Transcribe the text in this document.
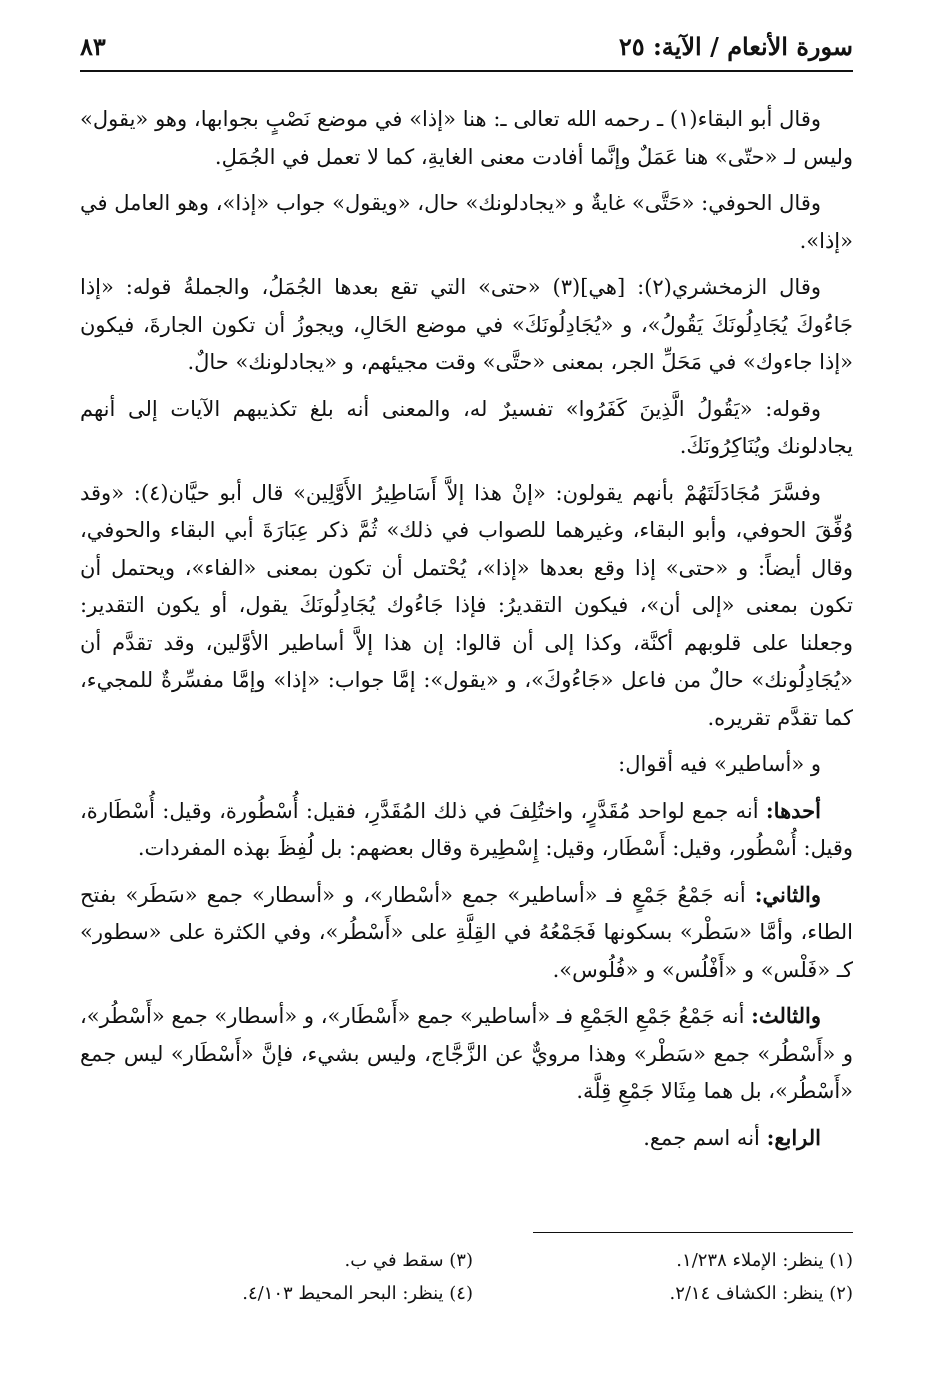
سورة الأنعام / الآية: ٢٥
٨٣

وقال أبو البقاء(١) ـ رحمه الله تعالى ـ: هنا «إذا» في موضع نَصْبٍ بجوابها، وهو «يقول» وليس لـ «حتّى» هنا عَمَلٌ وإنَّما أفادت معنى الغايةِ، كما لا تعمل في الجُمَلِ.

وقال الحوفي: «حَتَّى» غايةٌ و «يجادلونك» حال، «ويقول» جواب «إذا»، وهو العامل في «إذا».

وقال الزمخشري(٢): [هي](٣) «حتى» التي تقع بعدها الجُمَلُ، والجملةُ قوله: «إذا جَاءُوكَ يُجَادِلُونَكَ يَقُولُ»، و «يُجَادِلُونَكَ» في موضع الحَالِ، ويجوزُ أن تكون الجارةَ، فيكون «إذا جاءوك» في مَحَلِّ الجر، بمعنى «حتَّى» وقت مجيئهم، و «يجادلونك» حالٌ.

وقوله: «يَقُولُ الَّذِينَ كَفَرُوا» تفسيرٌ له، والمعنى أنه بلغ تكذيبهم الآيات إلى أنهم يجادلونك ويُنَاكِرُونَكَ.

وفسَّرَ مُجَادَلَتَهُمْ بأنهم يقولون: «إنْ هذا إلاَّ أَسَاطِيرُ الأَوَّلِين» قال أبو حيَّان(٤): «وقد وُفِّقَ الحوفي، وأبو البقاء، وغيرهما للصواب في ذلك» ثُمَّ ذكر عِبَارَةَ أبي البقاء والحوفي، وقال أيضاً: و «حتى» إذا وقع بعدها «إذا»، يُحْتمل أن تكون بمعنى «الفاء»، ويحتمل أن تكون بمعنى «إلى أن»، فيكون التقديرُ: فإذا جَاءُوك يُجَادِلُونَكَ يقول، أو يكون التقدير: وجعلنا على قلوبهم أكنَّة، وكذا إلى أن قالوا: إن هذا إلاَّ أساطير الأوَّلين، وقد تقدَّم أن «يُجَادِلُونك» حالٌ من فاعل «جَاءُوكَ»، و «يقول»: إمَّا جواب: «إذا» وإمَّا مفسِّرةٌ للمجيء، كما تقدَّم تقريره.

و «أساطير» فيه أقوال:

أحدها: أنه جمع لواحد مُقَدَّرٍ، واختُلِفَ في ذلك المُقَدَّرِ، فقيل: أُسْطُورة، وقيل: أُسْطَارة، وقيل: أُسْطُور، وقيل: أَسْطَار، وقيل: إِسْطِيرة وقال بعضهم: بل لُفِظَ بهذه المفردات.

والثاني: أنه جَمْعُ جَمْعٍ فـ «أساطير» جمع «أسْطار»، و «أسطار» جمع «سَطَر» بفتح الطاء، وأمَّا «سَطْر» بسكونها فَجَمْعُهُ في القِلَّةِ على «أَسْطُر»، وفي الكثرة على «سطور» كـ «فَلْس» و «أَفْلُس» و «فُلُوس».

والثالث: أنه جَمْعُ جَمْعِ الجَمْعِ فـ «أساطير» جمع «أَسْطَار»، و «أسطار» جمع «أَسْطُر»، و «أَسْطُر» جمع «سَطْر» وهذا مرويٌّ عن الزَّجَّاج، وليس بشيء، فإنَّ «أَسْطَار» ليس جمع «أَسْطُر»، بل هما مِثَالا جَمْعِ قِلَّة.

الرابع: أنه اسم جمع.

(١) ينظر: الإملاء ١/٢٣٨.
(٢) ينظر: الكشاف ٢/١٤.
(٣) سقط في ب.
(٤) ينظر: البحر المحيط ٤/١٠٣.
